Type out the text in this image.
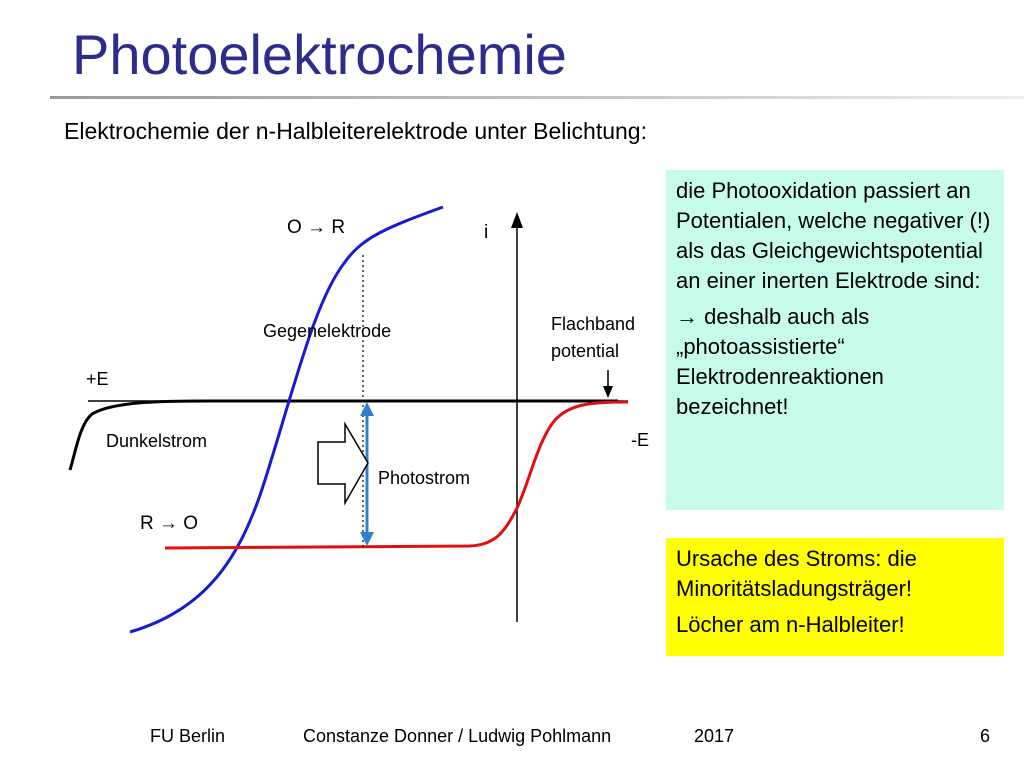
Photoelektrochemie
Elektrochemie der n-Halbleiterelektrode unter Belichtung:
O → R	i
Gegenelektrode	Flachband
potential
+E
Dunkelstrom	-E
Photostrom
R → O

die Photooxidation passiert an Potentialen, welche negativer (!) als das Gleichgewichtspotential an einer inerten Elektrode sind:

→ deshalb auch als „photoassistierte“ Elektrodenreaktionen bezeichnet!

Ursache des Stroms: die Minoritätsladungsträger!

Löcher am n-Halbleiter!

FU Berlin	Constanze Donner / Ludwig Pohlmann	2017	6
